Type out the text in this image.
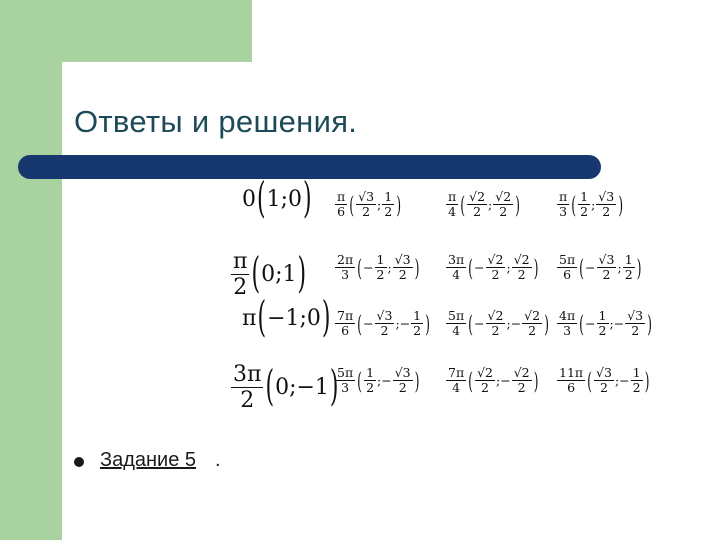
Ответы и решения.
0(1;0) $\frac{\pi}{6}$ ( $\frac{√3}{2}$ ; $\frac{1}{2}$ )	$\frac{\pi}{4}$ ( $\frac{√2}{2}$ ; $\frac{√2}{2}$ )	$\frac{\pi}{3}$ ( $\frac{1}{2}$ ; $\frac{√3}{2}$ )
$\frac{\pi}{2}$ (0;1) $\frac{2\pi}{3}$ (− $\frac{1}{2}$ ; $\frac{√3}{2}$ ) $\frac{3\pi}{4}$ (− $\frac{√2}{2}$ ; $\frac{√2}{2}$ ) $\frac{5\pi}{6}$ (− $\frac{√3}{2}$ ; $\frac{1}{2}$ )
π(−1;0) $\frac{7\pi}{6}$ (− $\frac{√3}{2}$ ;− $\frac{1}{2}$ ) $\frac{5\pi}{4}$ (− $\frac{√2}{2}$ ;− $\frac{√2}{2}$ ) $\frac{4\pi}{3}$ (− $\frac{1}{2}$ ;− $\frac{√3}{2}$ )
$\frac{3\pi}{2}$ (0;−1)
$\frac{5\pi}{3}$ ( $\frac{1}{2}$ ;− $\frac{√3}{2}$ ) $\frac{7\pi}{4}$ ( $\frac{√2}{2}$ ;− $\frac{√2}{2}$ ) $\frac{11\pi}{6}$ ( $\frac{√3}{2}$ ;− $\frac{1}{2}$ )
Задание 5 .
